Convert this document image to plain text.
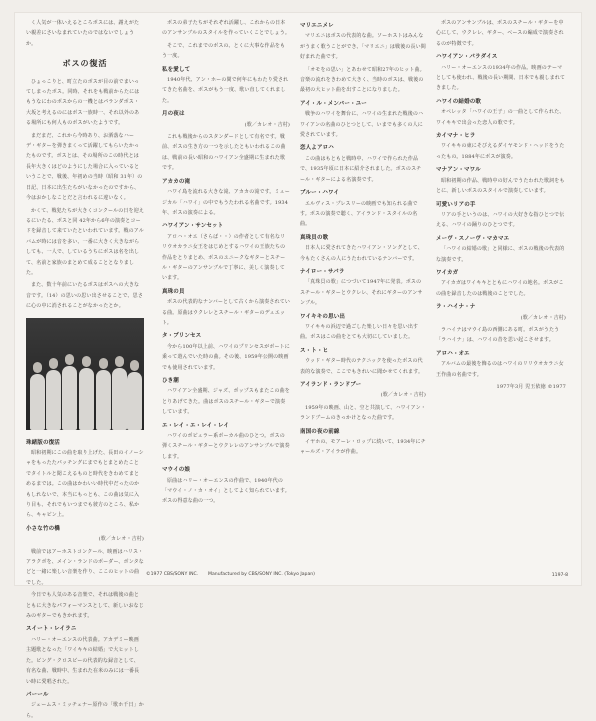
く人気が一体いえるところボスには、謝えがたい親差にさいなまれていたのではないでしょうか。

ボスの復活

ひょっこりと、町立たのボスが目の前でまいってしまったボス。同時、それをも戦前からたにはもうなにわのボスからの一機とはパランダポス・大坂と考えるのにはボス一族時一、それ以外のある場所にも何人ものボスがいたようです。

まだまだ、これから今時あり、お洒落なハーデ・ギターを弾きまくって活躍してもらいたかったものです。ボスとは、その場所のこの時代とは長年大きくはどのようにした場合に入っているということで、戦後、年初めの当時（昭和 31年）の日記、日本に出生たちがいなかったのですから、今はおかしなことだと言われるに違いなく。

かくて、戦犯たちが大きくコンクールの日を迎えるにいたる、ボスと同 42年から6年の演奏とコードを録音して来ていたといわれています。戦のアルバムが時には音を多い、一番に大きく大きながらしても、一人で、しているうちにボスは名を出して、名前と家族のまとめて成ることとなりました。

また、数十年前にいたるボスはボスへの大きな音です。（14）の思いの思い出させることで、思さに心の中に消されることがなかったとか。

珠緒版の復活

昭和初期にこの曲を取り上げた、長田のイノーシャをもったたパッチングにまでもとまとめたことでタイトルと聞こえるものと時代をきわめてまとめるまでは。この曲はかわいい時代中だったのかもしれないで、本当にもっとも、この曲は気に入り目も、それでもいつまでも彼方のところ、私から、キャピン上。

小さな竹の橋
(歌／カレオ・吉村)

戦前ではアーホストコンクール、映画はハリス・アラクボを、メイン・ランドのボーダー、ボンタなどと一緒に楽しい音楽を作り、ここのヒットの曲でした。

今日でも人気のある音楽で、それは戦後の曲とともに大きなパフォーマンスとして、新しいおなじみのギターでもきかれます。

スイート・レイラニ

ハリー・オーエンスの代表曲。アカデミー映画主題歌となった「ワイキキの結婚」で大ヒットした。ビング・クロスビーの代表的な録音として、有名な曲、戦時中、生まれた在米のみには一番長い時に愛唱された。

パーール

ジェームス・ミッチェナー原作の「歌ホ千日」から。

ボスの弟子たちがそれぞれ活躍し、これからの日本のアンサンブルのスタイルを作っていくことでしょう。

そこで、これまでのボスの、とくに大事な作品をもう一度。

私を愛して

1940年代、アン・ホーの間で何年にもわたり愛されてきた名曲を、ボスがもう一度、歌い直してくれました。

月の夜は
(歌／カレオ・吉村)

これも戦後からのスタンダードとして有名です。戦前、ボスの生き方の一つを示したともいわれるこの曲は、戦前の長い昭和のハワイアン全盛期に生まれた歌です。

アカカの滝

ハワイ島を流れる大きな滝、アカカの滝です。ミュージカル「ハワイ」の中でもうたわれる名曲です。1934年、ボスの演奏による。

ハワイアン・サンセット

アロハ・オエ（さらば・・）の作者として有名なリリウオカラニ女王をはじめとするハワイの王族たちの作品をとりまとめ、ボスのユニークなギターとスチール・ギターのアンサンブルで丁寧に、美しく演奏しています。

真珠の貝

ボスの代表的なナンバーとして古くから演奏されている曲。原曲はウクレレとスチール・ギターのデュエット。

タ・プリンセス

今から100年以上前、ハワイのプリンセスがボートに乗って遊んでいた時の曲。その後、1959年公開の映画でも使用されています。

ひき潮

ハワイアン全盛期、ジャズ、ポップスもまたこの曲をとりあげてきた。曲はボスのスチール・ギターで演奏しています。

エ・レイ・エ・レイ・レイ

ハワイのポピュラー系ボーカル曲のひとつ。ボスの弾くスチール・ギターとウクレレのアンサンブルで演奏します。

マウイの娘

原曲はハリー・オーエンスの作曲で、1940年代の「マウイ・ノ・カ・オイ」としてよく知られています。ボスの得意な曲の一つ。

マリエニメレ

マリエニはボスの代表的な曲。ソーホストはみんながうまく歌うことができ、「マリエニ」は戦後の長い間好まれた曲です。

「オモをの思い」とあわせて昭和27年のヒット曲。音楽の流れをきわめて大きく、当時のボスは、戦後の最初の大ヒット曲を出すことになりました。

アイ・ル・メンバー・ユー

戦争のハワイを舞台に、ハワイの生まれた戦後のハワイアンの名曲のひとつとして、いまでも多くの人に愛されています。

恋人よアロハ

この曲はもともと戦時中、ハワイで作られた作品で、1935年頃に日本に紹介されました。ボスのスチール・ギターによる名演奏です。

ブルー・ハワイ

エルヴィス・プレスリーの映画でも知られる曲です。ボスの演奏で聴く、アイランド・スタイルの名曲。

真珠貝の歌

日本人に愛されてきたハワイアン・ソングとして、今もたくさんの人にうたわれているナンバーです。

ナイロー・サパラ

「真珠貝の歌」につづいて1947年に発表。ボスのスチール・ギターとウクレレ、それにギターのアンサンブル。

ワイキキの思い出

ワイキキの浜辺で過ごした楽しい日々を思い出す曲。ボスはこの曲をとても大切にしていました。

ス・ト・ヒ

ウッド・ギター時代のテクニックを使ったボスの代表的な演奏で、ここでもきれいに聞かせてくれます。

アイランド・ランドブー
(歌／カレオ・吉村)

1959年の映画、山と、空と共演して、ハワイアン・ランドブームのきっかけとなった曲です。

南国の夜の前線

イヤホの、モアーレ・ロップに続いて、1934年にチャールズ・アイラが作曲。

ボスのアンサンブルは、ボスのスチール・ギターを中心にして、ウクレレ、ギター、ベースの編成で演奏されるのが特徴です。

ハワイアン・パラダイス

ハリー・オーエンスの1934年の作品。映画のテーマとしても使われ、戦後の長い期間、日本でも親しまれてきました。

ハワイの結婚の歌

オペレッタ「ハワイの王子」の一曲として作られた、ワイキキで出会った恋人の歌です。

カイマナ・ヒラ

ワイキキの東にそびえるダイヤモンド・ヘッドをうたったもの。1884年にボスが演奏。

マナアン・マワル

昭和初期の作品、戦時中の好んでうたわれた歌詞をもとに、新しいボスのスタイルで演奏しています。

可愛いリアの手

リアの手というのは、ハワイの大好きな指ひとつで伝える、ハワイの踊りのひとつです。

メーヴ・スノーヴ・マカマエ

「ハワイの結婚の歌」と同様に、ボスの戦後の代表的な演奏です。

ワイカガ

アイカガはワイキキとともにハワイの地名。ボスがこの曲を録音したのは戦後のことでした。

ラ・ハイナ・ナ
(歌／カレオ・吉村)

ラハイナはマウイ島の西側にある町。ボスがうたう「ラハイナ」は、ハワイの昔を思い起こさせます。

アロハ・オエ

アルバムの最後を飾るのはハワイのリリウオカラニ女王作曲の名曲です。

1977年3月 児玉依徳 ©1977
©1977 CBS/SONY INC. Manufactured by CBS/SONY INC. (Tokyo Japan)	1197-8
